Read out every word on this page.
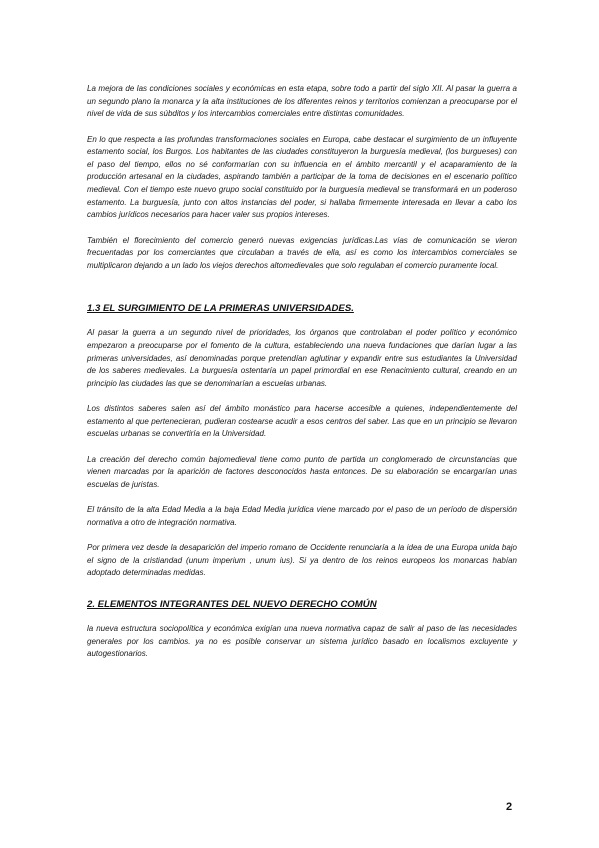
La mejora de las condiciones sociales y económicas en esta etapa, sobre todo a partir del siglo XII. Al pasar la guerra a un segundo plano la monarca y la alta instituciones de los diferentes reinos y territorios comienzan a preocuparse por el nivel de vida de sus súbditos y los intercambios comerciales entre distintas comunidades.

En lo que respecta a las profundas transformaciones sociales en Europa, cabe destacar el surgimiento de un influyente estamento social, los Burgos. Los habitantes de las ciudades constituyeron la burguesía medieval, (los burgueses) con el paso del tiempo, ellos no sé conformarían con su influencia en el ámbito mercantil y el acaparamiento de la producción artesanal en la ciudades, aspirando también a participar de la toma de decisiones en el escenario político medieval. Con el tiempo este nuevo grupo social constituido por la burguesía medieval se transformará en un poderoso estamento. La burguesía, junto con altos instancias del poder, si hallaba firmemente interesada en llevar a cabo los cambios jurídicos necesarios para hacer valer sus propios intereses.

También el florecimiento del comercio generó nuevas exigencias jurídicas.Las vías de comunicación se vieron frecuentadas por los comerciantes que circulaban a través de ella, así es como los intercambios comerciales se multiplicaron dejando a un lado los viejos derechos altomedievales que solo regulaban el comercio puramente local.

1.3 EL SURGIMIENTO DE LA PRIMERAS UNIVERSIDADES.

Al pasar la guerra a un segundo nivel de prioridades, los órganos que controlaban el poder político y económico empezaron a preocuparse por el fomento de la cultura, estableciendo una nueva fundaciones que darían lugar a las primeras universidades, así denominadas porque pretendían aglutinar y expandir entre sus estudiantes la Universidad de los saberes medievales. La burguesía ostentaría un papel primordial en ese Renacimiento cultural, creando en un principio las ciudades las que se denominarían a escuelas urbanas.

Los distintos saberes salen así del ámbito monástico para hacerse accesible a quienes, independientemente del estamento al que pertenecieran, pudieran costearse acudir a esos centros del saber. Las que en un principio se llevaron escuelas urbanas se convertiría en la Universidad.

La creación del derecho común bajomedieval tiene como punto de partida un conglomerado de circunstancias que vienen marcadas por la aparición de factores desconocidos hasta entonces. De su elaboración se encargarían unas escuelas de juristas.

El tránsito de la alta Edad Media a la baja Edad Media jurídica viene marcado por el paso de un período de dispersión normativa a otro de integración normativa.

Por primera vez desde la desaparición del imperio romano de Occidente renunciaría a la idea de una Europa unida bajo el signo de la cristiandad (unum imperium , unum ius). Si ya dentro de los reinos europeos los monarcas habían adoptado determinadas medidas.

2. ELEMENTOS INTEGRANTES DEL NUEVO DERECHO COMÚN

la nueva estructura sociopolítica y económica exigían una nueva normativa capaz de salir al paso de las necesidades generales por los cambios. ya no es posible conservar un sistema jurídico basado en localismos excluyente y autogestionarios.

2
